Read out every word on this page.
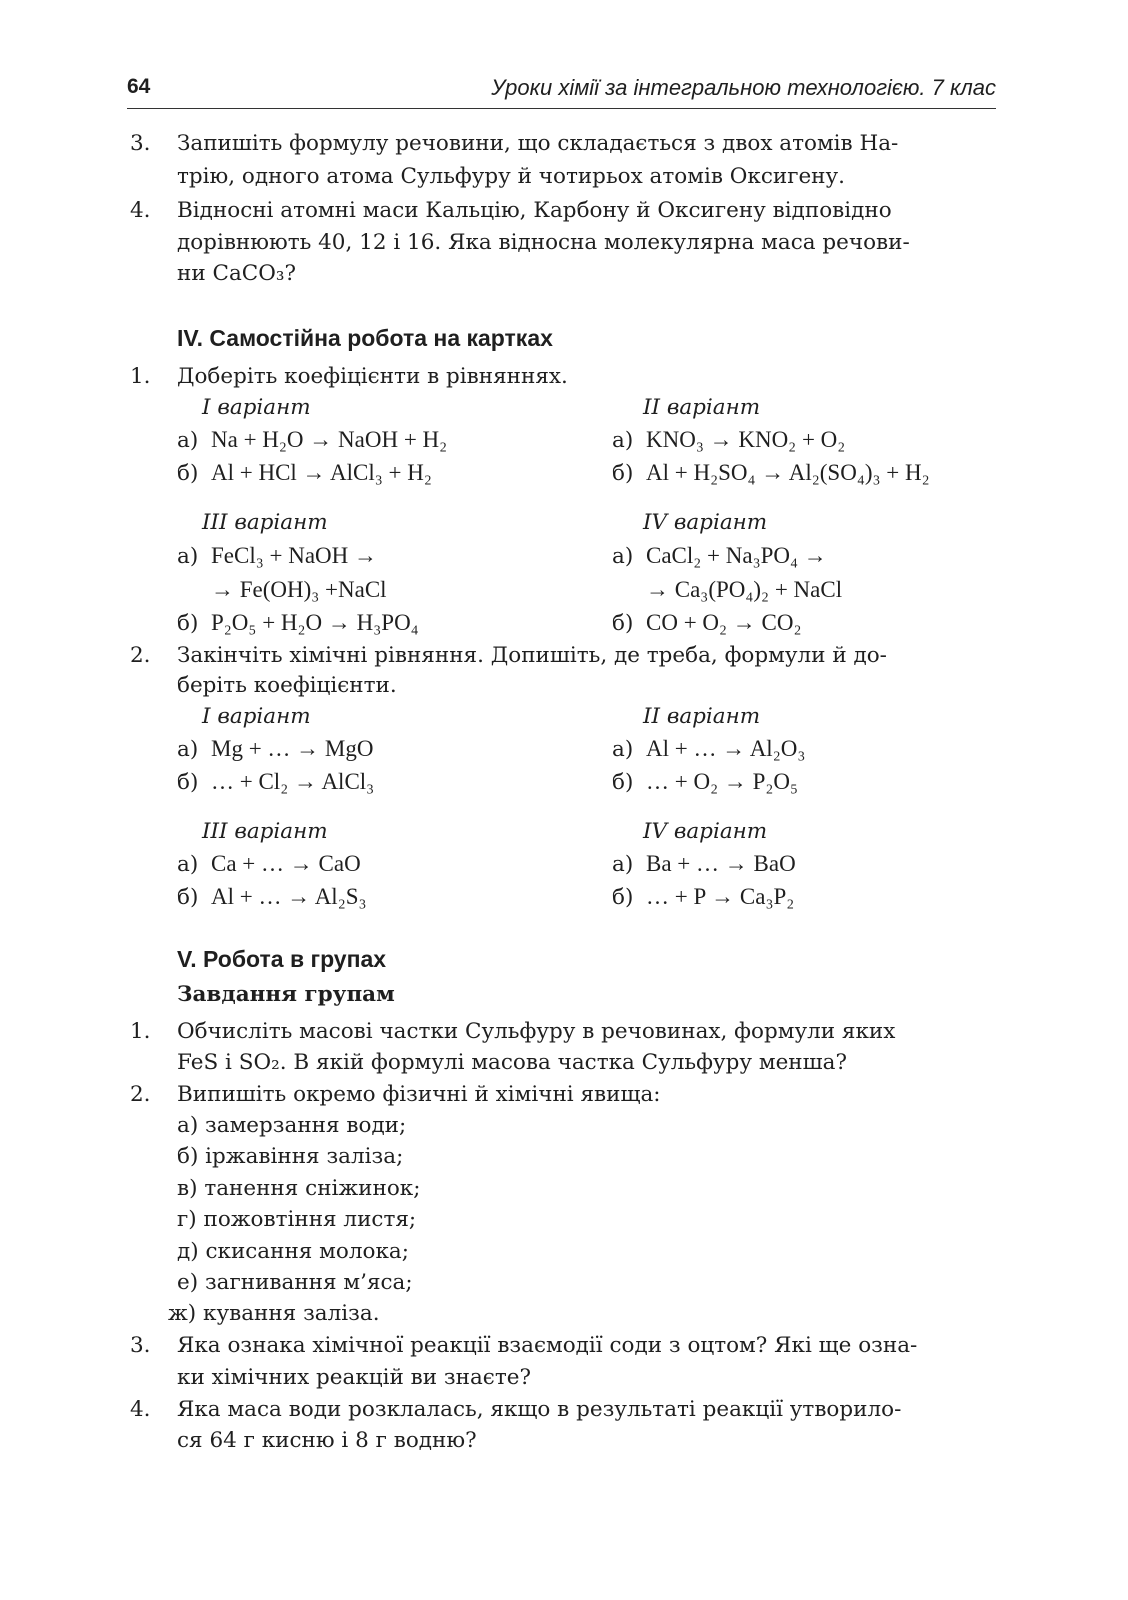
64	Уроки хімії за інтегральною технологією. 7 клас
3. Запишіть формулу речовини, що складається з двох атомів На-
трію, одного атома Сульфуру й чотирьох атомів Оксигену.
4. Відносні атомні маси Кальцію, Карбону й Оксигену відповідно
дорівнюють 40, 12 і 16. Яка відносна молекулярна маса речови-
ни CaCO₃?
IV. Самостійна робота на картках
1. Доберіть коефіцієнти в рівняннях.
I варіант	II варіант
а) Na + H₂O → NaOH + H₂	а) KNO₃ → KNO₂ + O₂
б) Al + HCl → AlCl₃ + H₂	б) Al + H₂SO₄ → Al₂(SO₄)₃ + H₂
III варіант	IV варіант
а) FeCl₃ + NaOH →	а) CaCl₂ + Na₃PO₄ →
→ Fe(OH)₃ +NaCl	→ Ca₃(PO₄)₂ + NaCl
б) P₂O₅ + H₂O → H₃PO₄	б) CO + O₂ → CO₂
2. Закінчіть хімічні рівняння. Допишіть, де треба, формули й до-
беріть коефіцієнти.
I варіант	II варіант
а) Mg + … → MgO	а) Al + … → Al₂O₃
б) … + Cl₂ → AlCl₃	б) … + O₂ → P₂O₅
III варіант	IV варіант
а) Ca + … → CaO	а) Ba + … → BaO
б) Al + … → Al₂S₃	б) … + P → Ca₃P₂
V. Робота в групах
Завдання групам
1. Обчисліть масові частки Сульфуру в речовинах, формули яких
FeS і SO₂. В якій формулі масова частка Сульфуру менша?
2. Випишіть окремо фізичні й хімічні явища:
а) замерзання води;
б) іржавіння заліза;
в) танення сніжинок;
г) пожовтіння листя;
д) скисання молока;
е) загнивання м’яса;
ж) кування заліза.
3. Яка ознака хімічної реакції взаємодії соди з оцтом? Які ще озна-
ки хімічних реакцій ви знаєте?
4. Яка маса води розклалась, якщо в результаті реакції утворило-
ся 64 г кисню і 8 г водню?
